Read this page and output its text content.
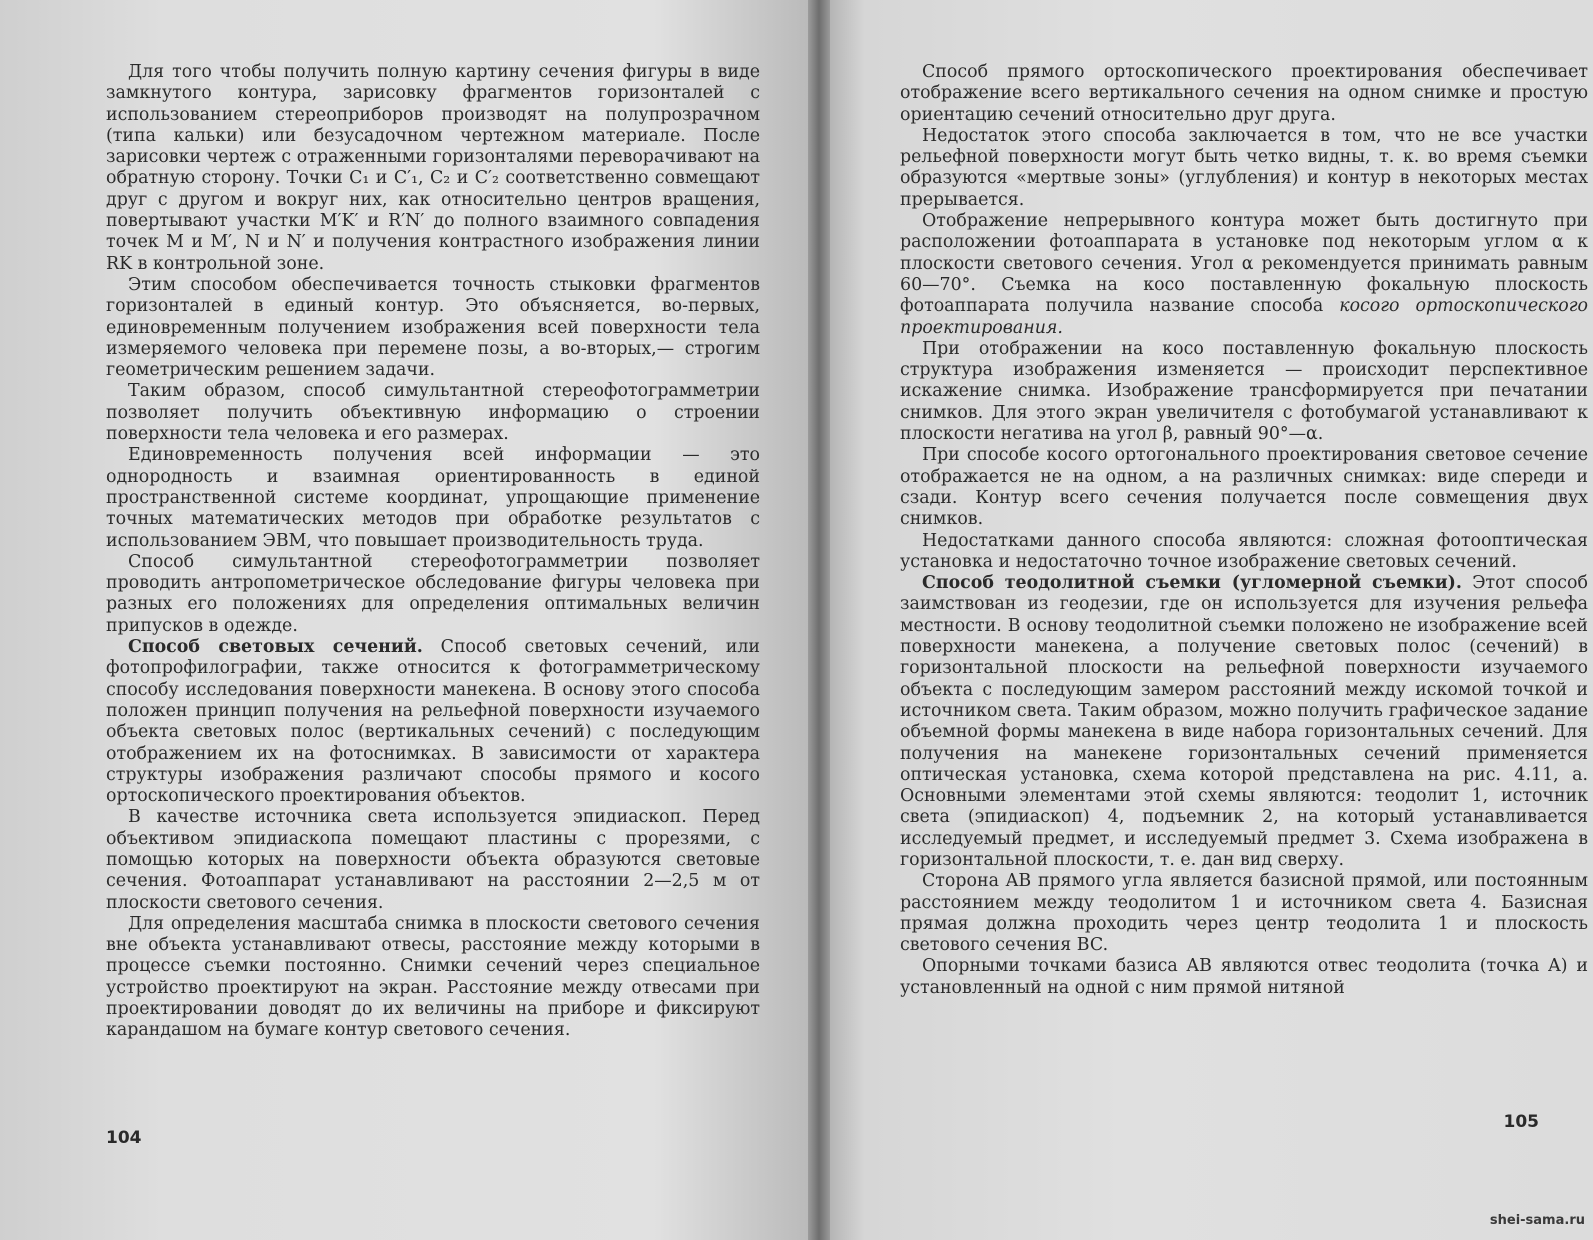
Для того чтобы получить полную картину сечения фигуры в виде замкнутого контура, зарисовку фрагментов горизонталей с использованием стереоприборов производят на полупрозрачном (типа кальки) или безусадочном чертежном материале. После зарисовки чертеж с отраженными горизонталями переворачивают на обратную сторону. Точки C₁ и C′₁, C₂ и C′₂ соответственно совмещают друг с другом и вокруг них, как относительно центров вращения, повертывают участки M′K′ и R′N′ до полного взаимного совпадения точек M и M′, N и N′ и получения контрастного изображения линии RK в контрольной зоне.

Этим способом обеспечивается точность стыковки фрагментов горизонталей в единый контур. Это объясняется, во-первых, единовременным получением изображения всей поверхности тела измеряемого человека при перемене позы, а во-вторых,— строгим геометрическим решением задачи.

Таким образом, способ симультантной стереофотограмметрии позволяет получить объективную информацию о строении поверхности тела человека и его размерах.

Единовременность получения всей информации — это однородность и взаимная ориентированность в единой пространственной системе координат, упрощающие применение точных математических методов при обработке результатов с использованием ЭВМ, что повышает производительность труда.

Способ симультантной стереофотограмметрии позволяет проводить антропометрическое обследование фигуры человека при разных его положениях для определения оптимальных величин припусков в одежде.

Способ световых сечений. Способ световых сечений, или фотопрофилографии, также относится к фотограмметрическому способу исследования поверхности манекена. В основу этого способа положен принцип получения на рельефной поверхности изучаемого объекта световых полос (вертикальных сечений) с последующим отображением их на фотоснимках. В зависимости от характера структуры изображения различают способы прямого и косого ортоскопического проектирования объектов.

В качестве источника света используется эпидиаскоп. Перед объективом эпидиаскопа помещают пластины с прорезями, с помощью которых на поверхности объекта образуются световые сечения. Фотоаппарат устанавливают на расстоянии 2—2,5 м от плоскости светового сечения.

Для определения масштаба снимка в плоскости светового сечения вне объекта устанавливают отвесы, расстояние между которыми в процессе съемки постоянно. Снимки сечений через специальное устройство проектируют на экран. Расстояние между отвесами при проектировании доводят до их величины на приборе и фиксируют карандашом на бумаге контур светового сечения.

104

Способ прямого ортоскопического проектирования обеспечивает отображение всего вертикального сечения на одном снимке и простую ориентацию сечений относительно друг друга.

Недостаток этого способа заключается в том, что не все участки рельефной поверхности могут быть четко видны, т. к. во время съемки образуются «мертвые зоны» (углубления) и контур в некоторых местах прерывается.

Отображение непрерывного контура может быть достигнуто при расположении фотоаппарата в установке под некоторым углом α к плоскости светового сечения. Угол α рекомендуется принимать равным 60—70°. Съемка на косо поставленную фокальную плоскость фотоаппарата получила название способа косого ортоскопического проектирования.

При отображении на косо поставленную фокальную плоскость структура изображения изменяется — происходит перспективное искажение снимка. Изображение трансформируется при печатании снимков. Для этого экран увеличителя с фотобумагой устанавливают к плоскости негатива на угол β, равный 90°—α.

При способе косого ортогонального проектирования световое сечение отображается не на одном, а на различных снимках: виде спереди и сзади. Контур всего сечения получается после совмещения двух снимков.

Недостатками данного способа являются: сложная фотооптическая установка и недостаточно точное изображение световых сечений.

Способ теодолитной съемки (угломерной съемки). Этот способ заимствован из геодезии, где он используется для изучения рельефа местности. В основу теодолитной съемки положено не изображение всей поверхности манекена, а получение световых полос (сечений) в горизонтальной плоскости на рельефной поверхности изучаемого объекта с последующим замером расстояний между искомой точкой и источником света. Таким образом, можно получить графическое задание объемной формы манекена в виде набора горизонтальных сечений. Для получения на манекене горизонтальных сечений применяется оптическая установка, схема которой представлена на рис. 4.11, а. Основными элементами этой схемы являются: теодолит 1, источник света (эпидиаскоп) 4, подъемник 2, на который устанавливается исследуемый предмет, и исследуемый предмет 3. Схема изображена в горизонтальной плоскости, т. е. дан вид сверху.

Сторона AB прямого угла является базисной прямой, или постоянным расстоянием между теодолитом 1 и источником света 4. Базисная прямая должна проходить через центр теодолита 1 и плоскость светового сечения BC.

Опорными точками базиса AB являются отвес теодолита (точка A) и установленный на одной с ним прямой нитяной

105
shei-sama.ru
